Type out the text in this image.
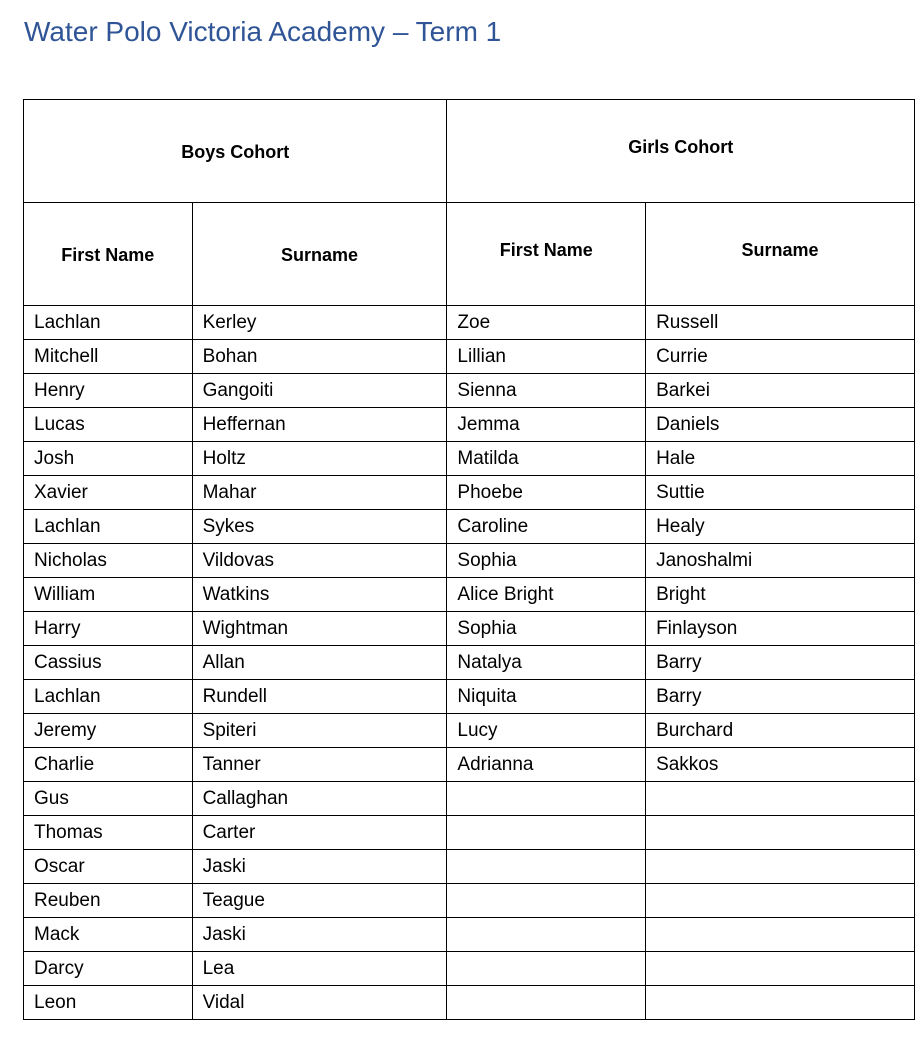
Water Polo Victoria Academy – Term 1
Boys Cohort		Girls Cohort	
First Name	Surname	First Name	Surname
Lachlan	Kerley	Zoe	Russell
Mitchell	Bohan	Lillian	Currie
Henry	Gangoiti	Sienna	Barkei
Lucas	Heffernan	Jemma	Daniels
Josh	Holtz	Matilda	Hale
Xavier	Mahar	Phoebe	Suttie
Lachlan	Sykes	Caroline	Healy
Nicholas	Vildovas	Sophia	Janoshalmi
William	Watkins	Alice Bright	Bright
Harry	Wightman	Sophia	Finlayson
Cassius	Allan	Natalya	Barry
Lachlan	Rundell	Niquita	Barry
Jeremy	Spiteri	Lucy	Burchard
Charlie	Tanner	Adrianna	Sakkos
Gus	Callaghan		
Thomas	Carter		
Oscar	Jaski		
Reuben	Teague		
Mack	Jaski		
Darcy	Lea		
Leon	Vidal		
